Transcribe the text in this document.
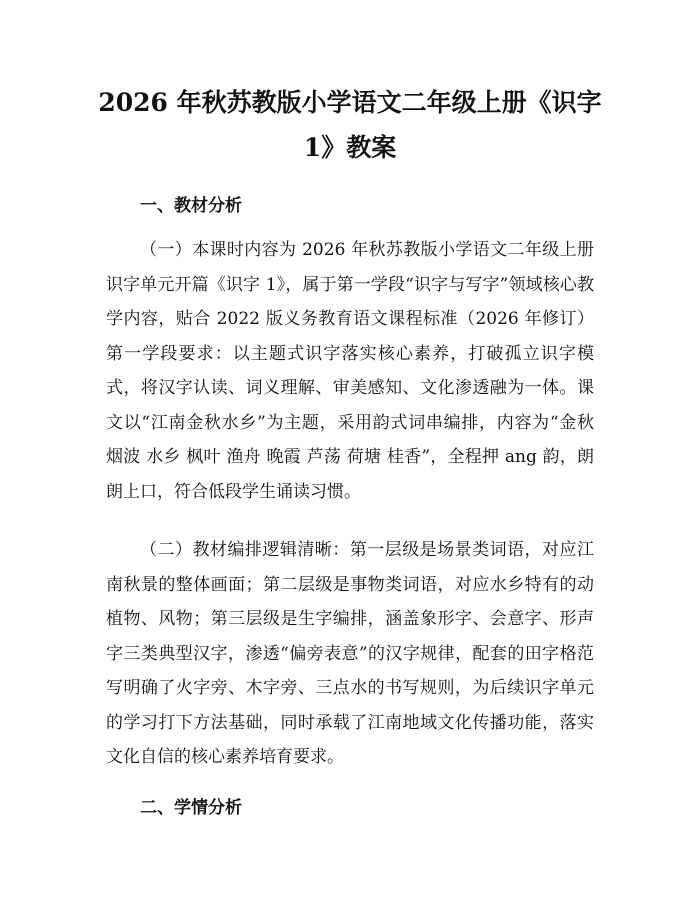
2026 年秋苏教版小学语文二年级上册《识字
1》教案
一、教材分析

（一）本课时内容为 2026 年秋苏教版小学语文二年级上册识字单元开篇《识字 1》，属于第一学段“识字与写字”领域核心教学内容，贴合 2022 版义务教育语文课程标准（2026 年修订）第一学段要求：以主题式识字落实核心素养，打破孤立识字模式，将汉字认读、词义理解、审美感知、文化渗透融为一体。课文以“江南金秋水乡”为主题，采用韵式词串编排，内容为“金秋 烟波 水乡 枫叶 渔舟 晚霞 芦荡 荷塘 桂香”，全程押 ang 韵，朗朗上口，符合低段学生诵读习惯。

（二）教材编排逻辑清晰：第一层级是场景类词语，对应江南秋景的整体画面；第二层级是事物类词语，对应水乡特有的动植物、风物；第三层级是生字编排，涵盖象形字、会意字、形声字三类典型汉字，渗透“偏旁表意”的汉字规律，配套的田字格范写明确了火字旁、木字旁、三点水的书写规则，为后续识字单元的学习打下方法基础，同时承载了江南地域文化传播功能，落实文化自信的核心素养培育要求。

二、学情分析
